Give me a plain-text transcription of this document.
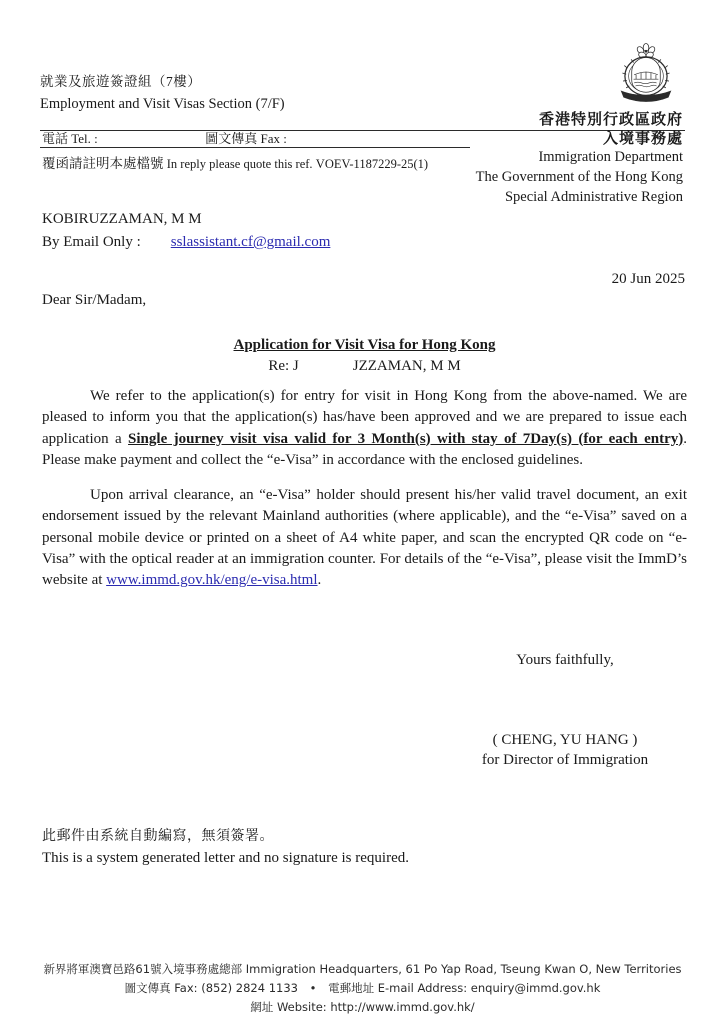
就業及旅遊簽證組（7樓）
Employment and Visit Visas Section (7/F)
電話 Tel. :	圖文傳真 Fax :
覆函請註明本處檔號 In reply please quote this ref. VOEV-1187229-25(1)
香港特別行政區政府
入境事務處
Immigration Department
The Government of the Hong Kong
Special Administrative Region
KOBIRUZZAMAN, M M
By Email Only : sslassistant.cf@gmail.com
20 Jun 2025
Dear Sir/Madam,
Application for Visit Visa for Hong Kong
Re: J	JZZAMAN, M M

We refer to the application(s) for entry for visit in Hong Kong from the above-named. We are pleased to inform you that the application(s) has/have been approved and we are prepared to issue each application a Single journey visit visa valid for 3 Month(s) with stay of 7Day(s) (for each entry). Please make payment and collect the “e-Visa” in accordance with the enclosed guidelines.

Upon arrival clearance, an “e-Visa” holder should present his/her valid travel document, an exit endorsement issued by the relevant Mainland authorities (where applicable), and the “e-Visa” saved on a personal mobile device or printed on a sheet of A4 white paper, and scan the encrypted QR code on “e-Visa” with the optical reader at an immigration counter. For details of the “e-Visa”, please visit the ImmD’s website at www.immd.gov.hk/eng/e-visa.html.

Yours faithfully,
( CHENG, YU HANG )
for Director of Immigration
此郵件由系統自動編寫，無須簽署。
This is a system generated letter and no signature is required.
新界將軍澳寶邑路61號入境事務處總部 Immigration Headquarters, 61 Po Yap Road, Tseung Kwan O, New Territories
圖文傳真 Fax: (852) 2824 1133 • 電郵地址 E-mail Address: enquiry@immd.gov.hk
網址 Website: http://www.immd.gov.hk/
